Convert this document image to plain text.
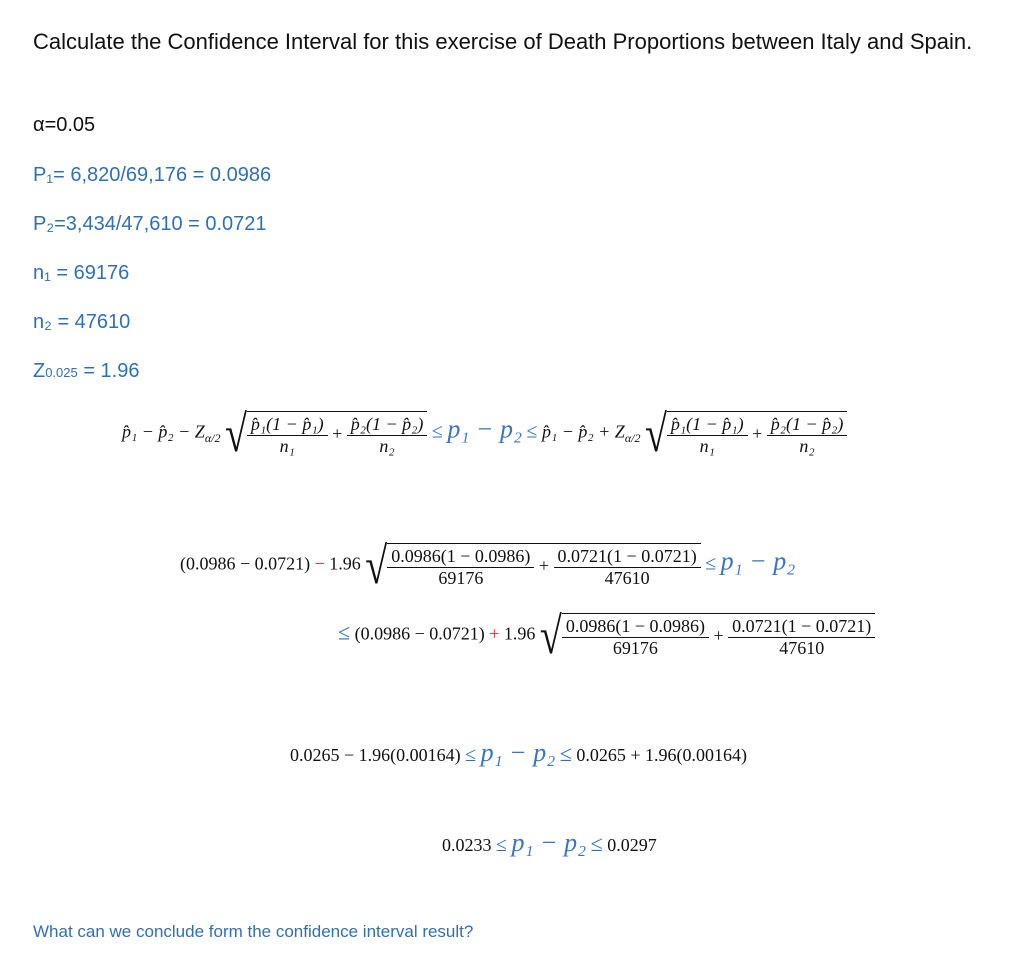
Calculate the Confidence Interval for this exercise of Death Proportions between Italy and Spain.
α=0.05
P₁= 6,820/69,176 = 0.0986
P₂=3,434/47,610 = 0.0721
n₁ = 69176
n₂ = 47610
Z0.025 = 1.96
p̂₁ − p̂₂ − $Z_{\alpha/2}$ √ $\frac{\text{p̂₁(1 − p̂₁)}}{\text{n₁}} + \frac{\text{p̂₂(1 − p̂₂)}}{\text{n₂}} \le p_1 - p_2$ ≤ p̂₁ − p̂₂ + $Z_{\alpha/2}$ √ $\frac{\text{p̂₁(1 − p̂₁)}}{\text{n₁}} + \frac{\text{p̂₂(1 − p̂₂)}}{\text{n₂}}$
(0.0986 − 0.0721) − 1.96 √ $\frac{0.0986(1 - 0.0986)}{69176} + \frac{0.0721(1 - 0.0721)}{47610} \le p_1 - p_2$
≤ (0.0986 − 0.0721) + 1.96 √ $\frac{0.0986(1 - 0.0986)}{69176} + \frac{0.0721(1 - 0.0721)}{47610}$
0.0265 − 1.96(0.00164) ≤ p₁ − p₂ ≤ 0.0265 + 1.96(0.00164)
0.0233 ≤ p₁ − p₂ ≤ 0.0297
What can we conclude form the confidence interval result?
